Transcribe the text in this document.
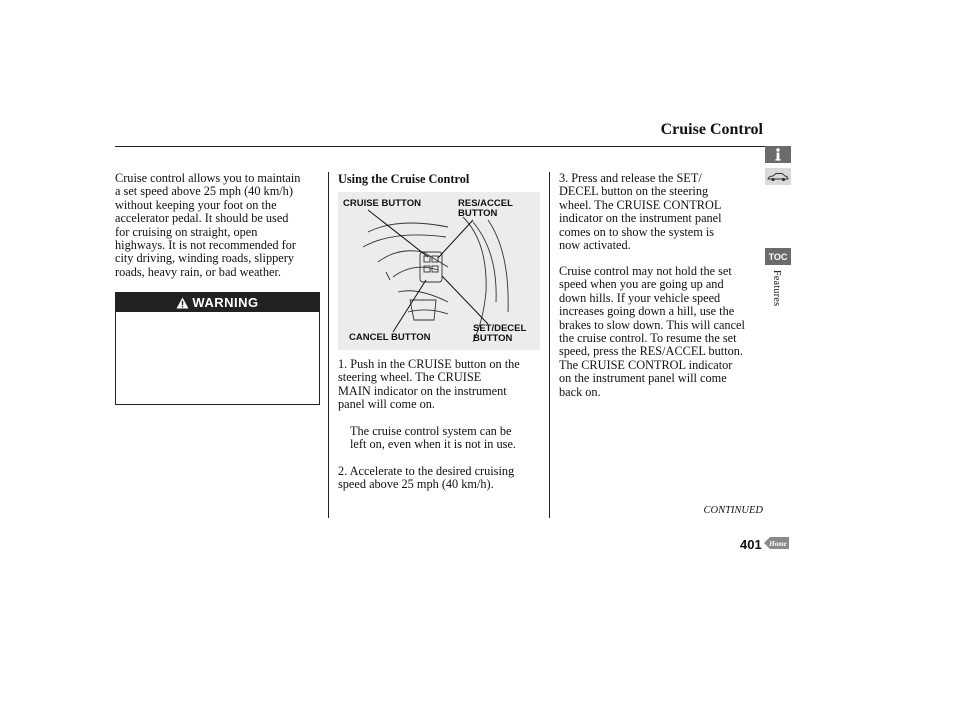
Cruise Control

Cruise control allows you to maintain
a set speed above 25 mph (40 km/h)
without keeping your foot on the
accelerator pedal. It should be used
for cruising on straight, open
highways. It is not recommended for
city driving, winding roads, slippery
roads, heavy rain, or bad weather.

WARNING
Using the Cruise Control
CRUISE BUTTON	RES/ACCEL
BUTTON
CANCEL BUTTON
SET/DECEL
BUTTON

1. Push in the CRUISE button on the
steering wheel. The CRUISE
MAIN indicator on the instrument
panel will come on.

The cruise control system can be
left on, even when it is not in use.

2. Accelerate to the desired cruising
speed above 25 mph (40 km/h).

3. Press and release the SET/
DECEL button on the steering
wheel. The CRUISE CONTROL
indicator on the instrument panel
comes on to show the system is
now activated.

Cruise control may not hold the set
speed when you are going up and
down hills. If your vehicle speed
increases going down a hill, use the
brakes to slow down. This will cancel
the cruise control. To resume the set
speed, press the RES/ACCEL button.
The CRUISE CONTROL indicator
on the instrument panel will come
back on.

CONTINUED
401 Home
TOC
Features
